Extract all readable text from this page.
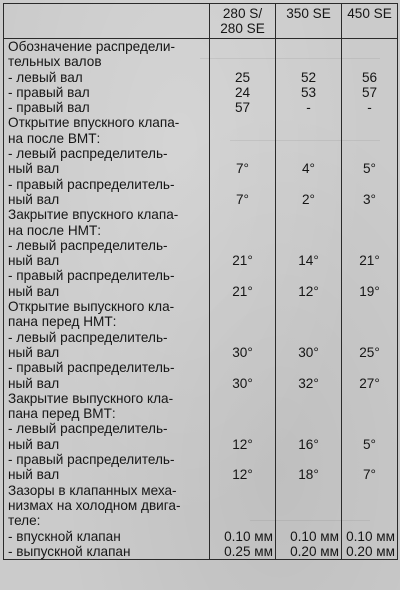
	280 S/
280 SE	350 SE	450 SE

Обозначение распредели-
тельных валов			
- левый вал	25	52	56
- правый вал	24	53	57
- правый вал	57	-	-
Открытие впускного клапа-
на после ВМТ:			
- левый распределитель-
ный вал	7°	4°	5°
- правый распределитель-
ный вал	7°	2°	3°
Закрытие впускного клапа-
на после НМТ:			
- левый распределитель-
ный вал	21°	14°	21°
- правый распределитель-
ный вал	21°	12°	19°
Открытие выпускного кла-
пана перед НМТ:			
- левый распределитель-
ный вал	30°	30°	25°
- правый распределитель-
ный вал	30°	32°	27°
Закрытие выпускного кла-
пана перед ВМТ:			
- левый распределитель-
ный вал	12°	16°	5°
- правый распределитель-
ный вал	12°	18°	7°
Зазоры в клапанных меха-
низмах на холодном двига-
теле:			
- впускной клапан	0.10 мм	0.10 мм	0.10 мм
- выпускной клапан	0.25 мм	0.20 мм	0.20 мм
